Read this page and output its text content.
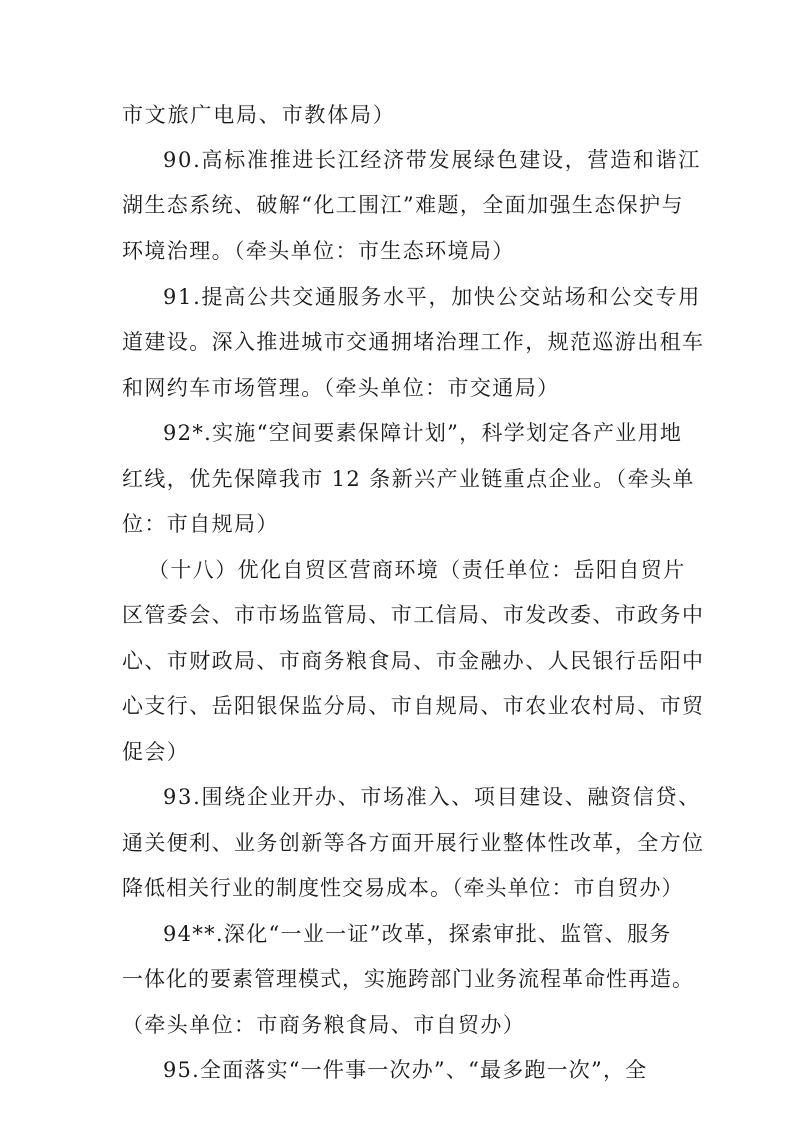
市文旅广电局、市教体局）

90.高标准推进长江经济带发展绿色建设，营造和谐江

湖生态系统、破解“化工围江”难题，全面加强生态保护与

环境治理。（牵头单位：市生态环境局）

91.提高公共交通服务水平，加快公交站场和公交专用

道建设。深入推进城市交通拥堵治理工作，规范巡游出租车

和网约车市场管理。（牵头单位：市交通局）

92*.实施“空间要素保障计划”，科学划定各产业用地

红线，优先保障我市 12 条新兴产业链重点企业。（牵头单

位：市自规局）

（十八）优化自贸区营商环境（责任单位：岳阳自贸片

区管委会、市市场监管局、市工信局、市发改委、市政务中

心、市财政局、市商务粮食局、市金融办、人民银行岳阳中

心支行、岳阳银保监分局、市自规局、市农业农村局、市贸

促会）

93.围绕企业开办、市场准入、项目建设、融资信贷、

通关便利、业务创新等各方面开展行业整体性改革，全方位

降低相关行业的制度性交易成本。（牵头单位：市自贸办）

94**.深化“一业一证”改革，探索审批、监管、服务

一体化的要素管理模式，实施跨部门业务流程革命性再造。

（牵头单位：市商务粮食局、市自贸办）

95.全面落实“一件事一次办”、“最多跑一次”，全
